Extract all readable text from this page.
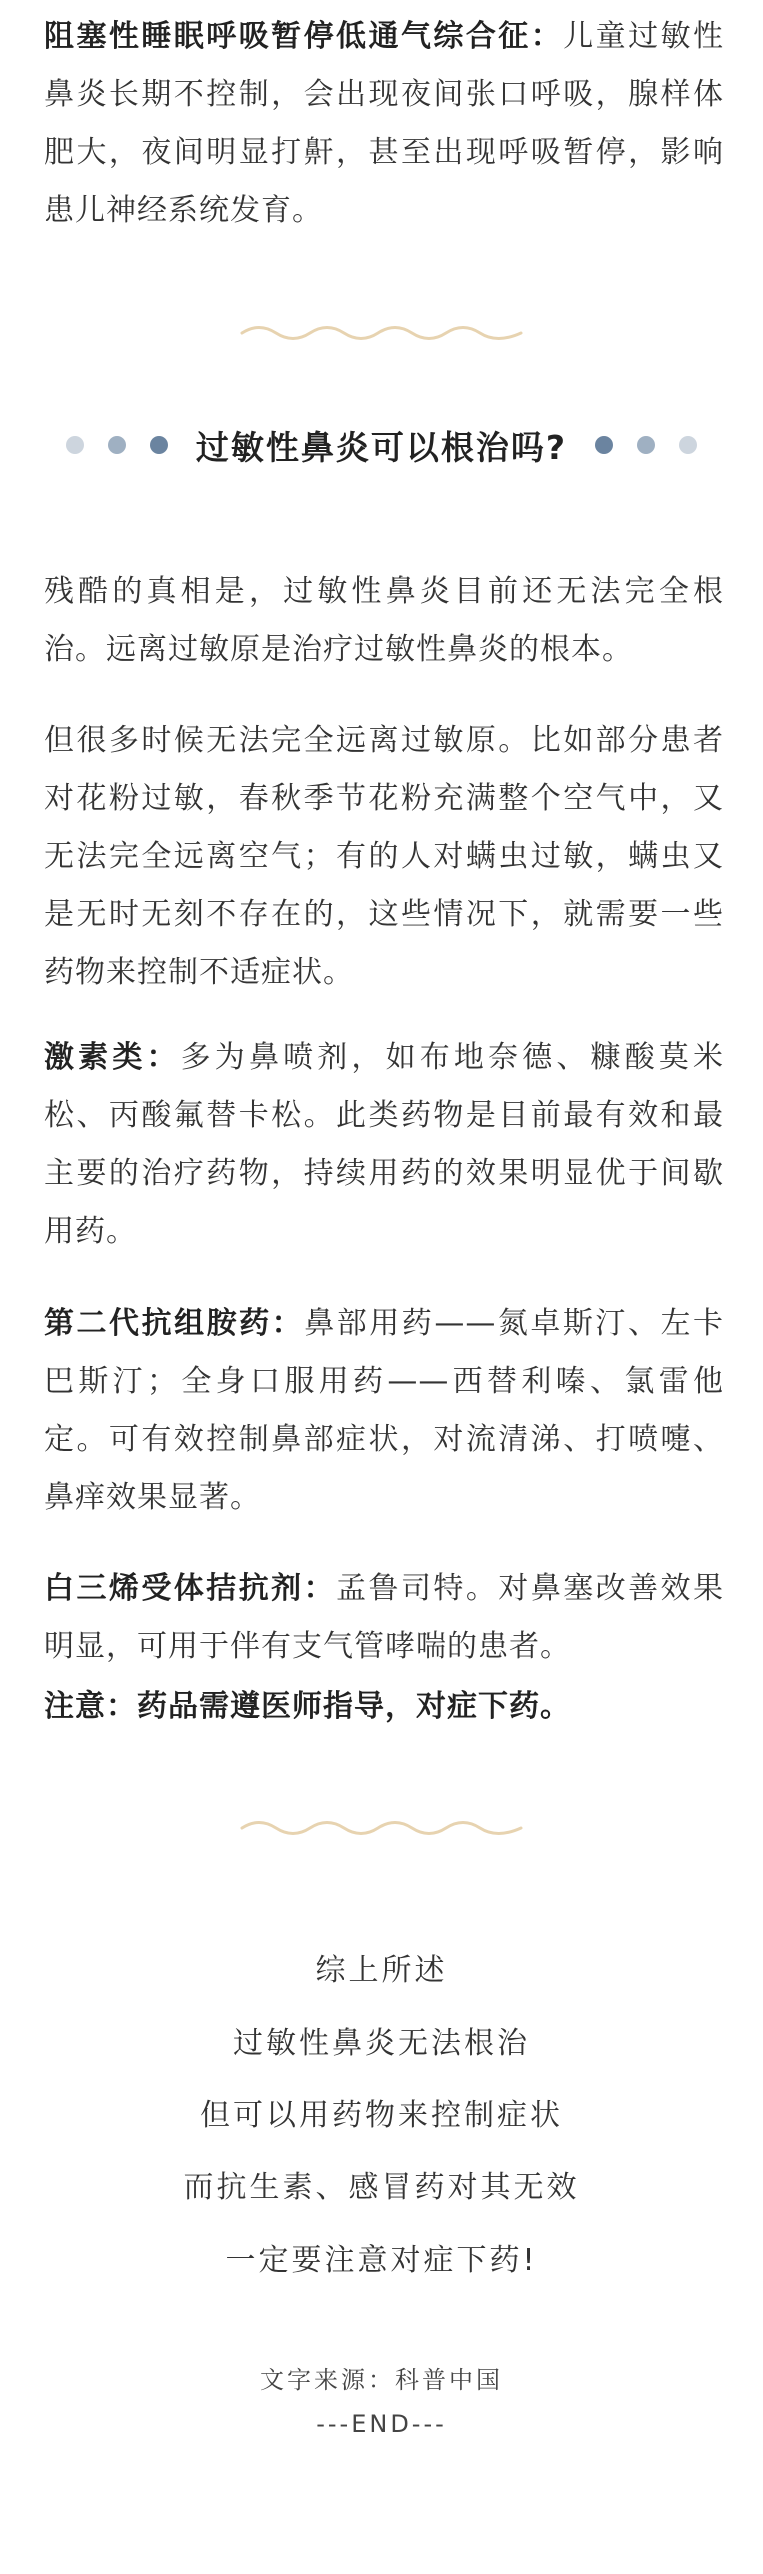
阻塞性睡眠呼吸暂停低通气综合征：儿童过敏性鼻炎长期不控制，会出现夜间张口呼吸，腺样体肥大，夜间明显打鼾，甚至出现呼吸暂停，影响患儿神经系统发育。

过敏性鼻炎可以根治吗?

残酷的真相是，过敏性鼻炎目前还无法完全根治。远离过敏原是治疗过敏性鼻炎的根本。

但很多时候无法完全远离过敏原。比如部分患者对花粉过敏，春秋季节花粉充满整个空气中，又无法完全远离空气；有的人对螨虫过敏，螨虫又是无时无刻不存在的，这些情况下，就需要一些药物来控制不适症状。

激素类：多为鼻喷剂，如布地奈德、糠酸莫米松、丙酸氟替卡松。此类药物是目前最有效和最主要的治疗药物，持续用药的效果明显优于间歇用药。

第二代抗组胺药：鼻部用药——氮卓斯汀、左卡巴斯汀；全身口服用药——西替利嗪、氯雷他定。可有效控制鼻部症状，对流清涕、打喷嚏、鼻痒效果显著。

白三烯受体拮抗剂：孟鲁司特。对鼻塞改善效果明显，可用于伴有支气管哮喘的患者。

注意：药品需遵医师指导，对症下药。

综上所述
过敏性鼻炎无法根治
但可以用药物来控制症状
而抗生素、感冒药对其无效
一定要注意对症下药!
文字来源：科普中国
---END---
